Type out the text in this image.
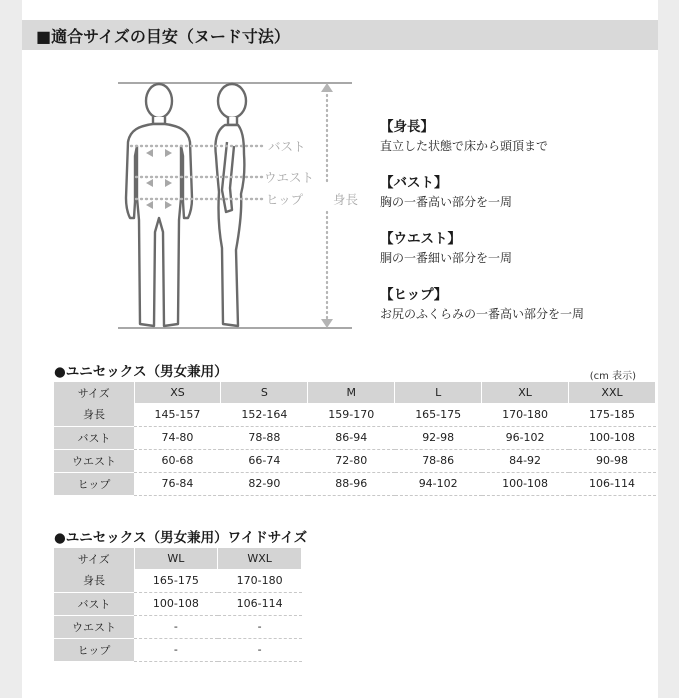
■適合サイズの目安（ヌード寸法）
バスト
ウエスト
ヒップ 身長
【身長】
直立した状態で床から頭頂まで
【バスト】
胸の一番高い部分を一周
【ウエスト】
胴の一番細い部分を一周
【ヒップ】
お尻のふくらみの一番高い部分を一周
●ユニセックス（男女兼用）	(cm 表示)
サイズ	XS	S	M	L	XL	XXL
身長	145-157	152-164	159-170	165-175	170-180	175-185
バスト	74-80	78-88	86-94	92-98	96-102	100-108
ウエスト	60-68	66-74	72-80	78-86	84-92	90-98
ヒップ	76-84	82-90	88-96	94-102	100-108	106-114
●ユニセックス（男女兼用）ワイドサイズ
サイズ	WL	WXL
身長	165-175	170-180
バスト	100-108	106-114
ウエスト	-	-
ヒップ	-	-
